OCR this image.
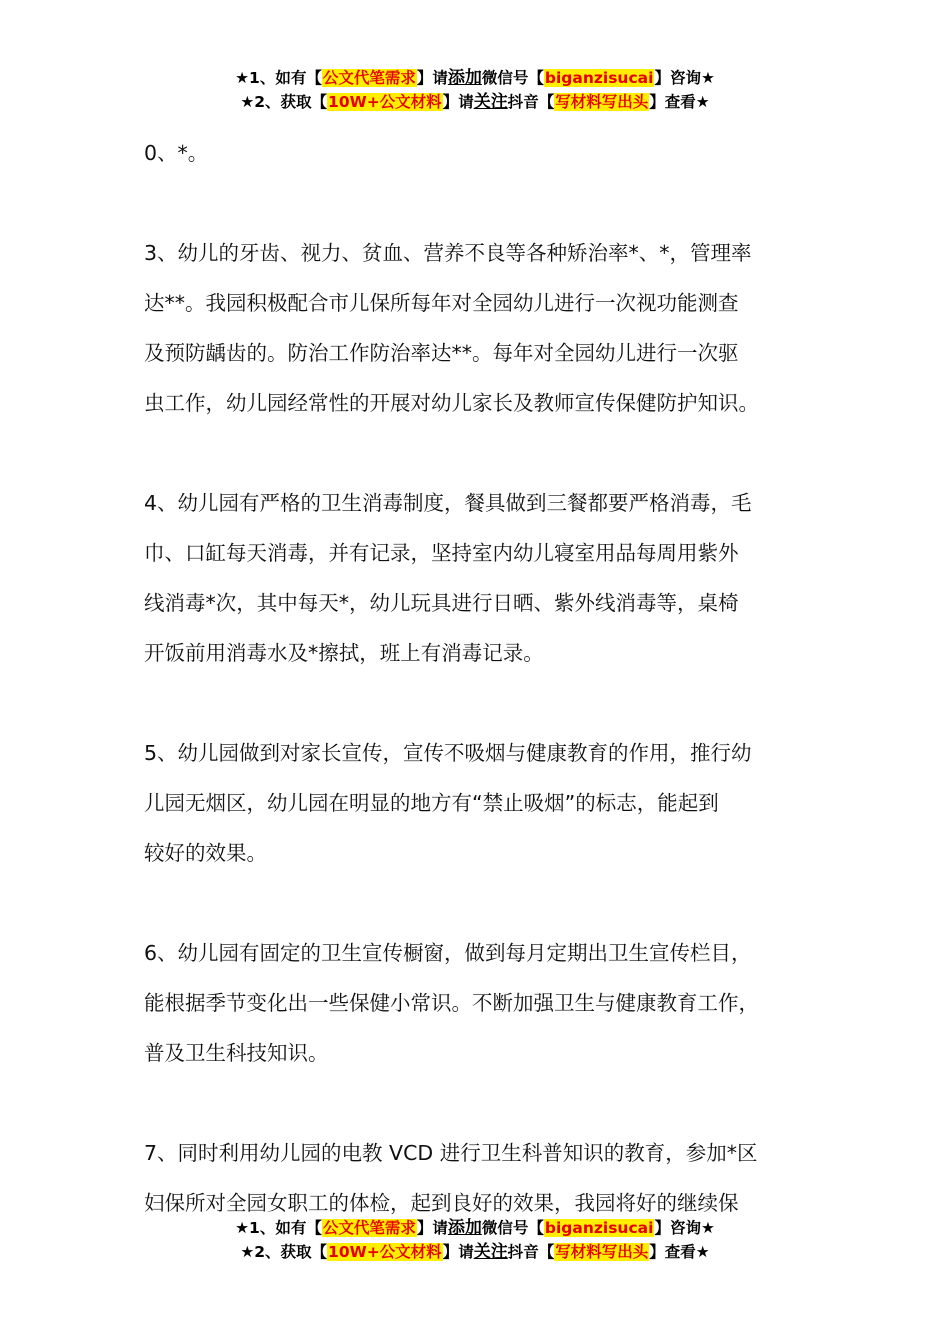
★1、如有【公文代笔需求】请添加微信号【biganzisucai】咨询★
★2、获取【10W+公文材料】请关注抖音【写材料写出头】查看★

0、*。

3、幼儿的牙齿、视力、贫血、营养不良等各种矫治率*、*，管理率
达**。我园积极配合市儿保所每年对全园幼儿进行一次视功能测查
及预防龋齿的。防治工作防治率达**。每年对全园幼儿进行一次驱
虫工作，幼儿园经常性的开展对幼儿家长及教师宣传保健防护知识。

4、幼儿园有严格的卫生消毒制度，餐具做到三餐都要严格消毒，毛
巾、口缸每天消毒，并有记录，坚持室内幼儿寝室用品每周用紫外
线消毒*次，其中每天*，幼儿玩具进行日晒、紫外线消毒等，桌椅
开饭前用消毒水及*擦拭，班上有消毒记录。

5、幼儿园做到对家长宣传，宣传不吸烟与健康教育的作用，推行幼
儿园无烟区，幼儿园在明显的地方有“禁止吸烟”的标志，能起到
较好的效果。

6、幼儿园有固定的卫生宣传橱窗，做到每月定期出卫生宣传栏目，
能根据季节变化出一些保健小常识。不断加强卫生与健康教育工作，
普及卫生科技知识。

7、同时利用幼儿园的电教 VCD 进行卫生科普知识的教育，参加*区
妇保所对全园女职工的体检，起到良好的效果，我园将好的继续保

★1、如有【公文代笔需求】请添加微信号【biganzisucai】咨询★
★2、获取【10W+公文材料】请关注抖音【写材料写出头】查看★
